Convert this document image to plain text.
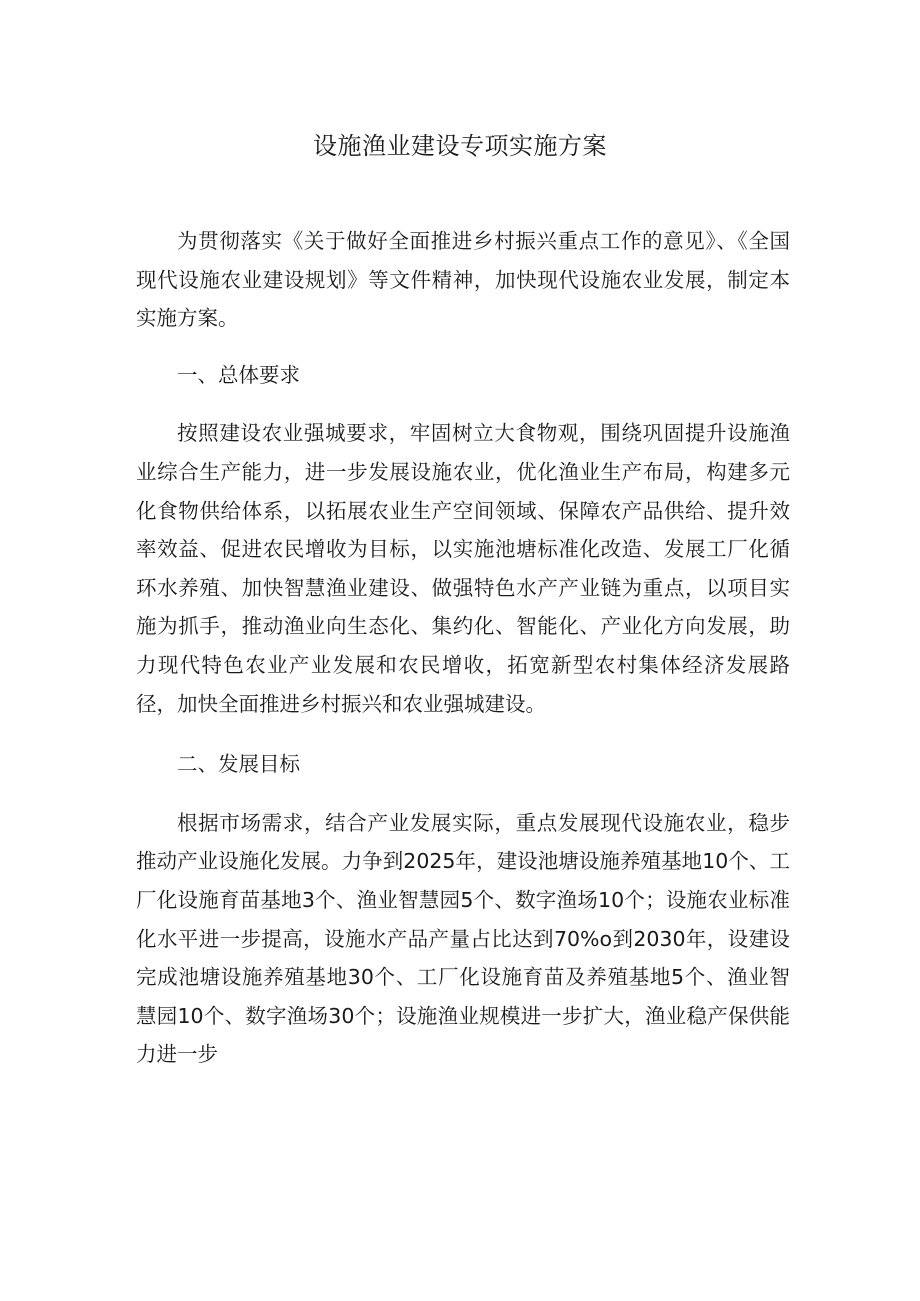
设施渔业建设专项实施方案

为贯彻落实《关于做好全面推进乡村振兴重点工作的意见》、《全国现代设施农业建设规划》等文件精神，加快现代设施农业发展，制定本实施方案。

一、总体要求

按照建设农业强城要求，牢固树立大食物观，围绕巩固提升设施渔业综合生产能力，进一步发展设施农业，优化渔业生产布局，构建多元化食物供给体系，以拓展农业生产空间领域、保障农产品供给、提升效率效益、促进农民增收为目标，以实施池塘标准化改造、发展工厂化循环水养殖、加快智慧渔业建设、做强特色水产产业链为重点，以项目实施为抓手，推动渔业向生态化、集约化、智能化、产业化方向发展，助力现代特色农业产业发展和农民增收，拓宽新型农村集体经济发展路径，加快全面推进乡村振兴和农业强城建设。

二、发展目标

根据市场需求，结合产业发展实际，重点发展现代设施农业，稳步推动产业设施化发展。力争到2025年，建设池塘设施养殖基地10个、工厂化设施育苗基地3个、渔业智慧园5个、数字渔场10个；设施农业标准化水平进一步提高，设施水产品产量占比达到70%o到2030年，设建设完成池塘设施养殖基地30个、工厂化设施育苗及养殖基地5个、渔业智慧园10个、数字渔场30个；设施渔业规模进一步扩大，渔业稳产保供能力进一步
